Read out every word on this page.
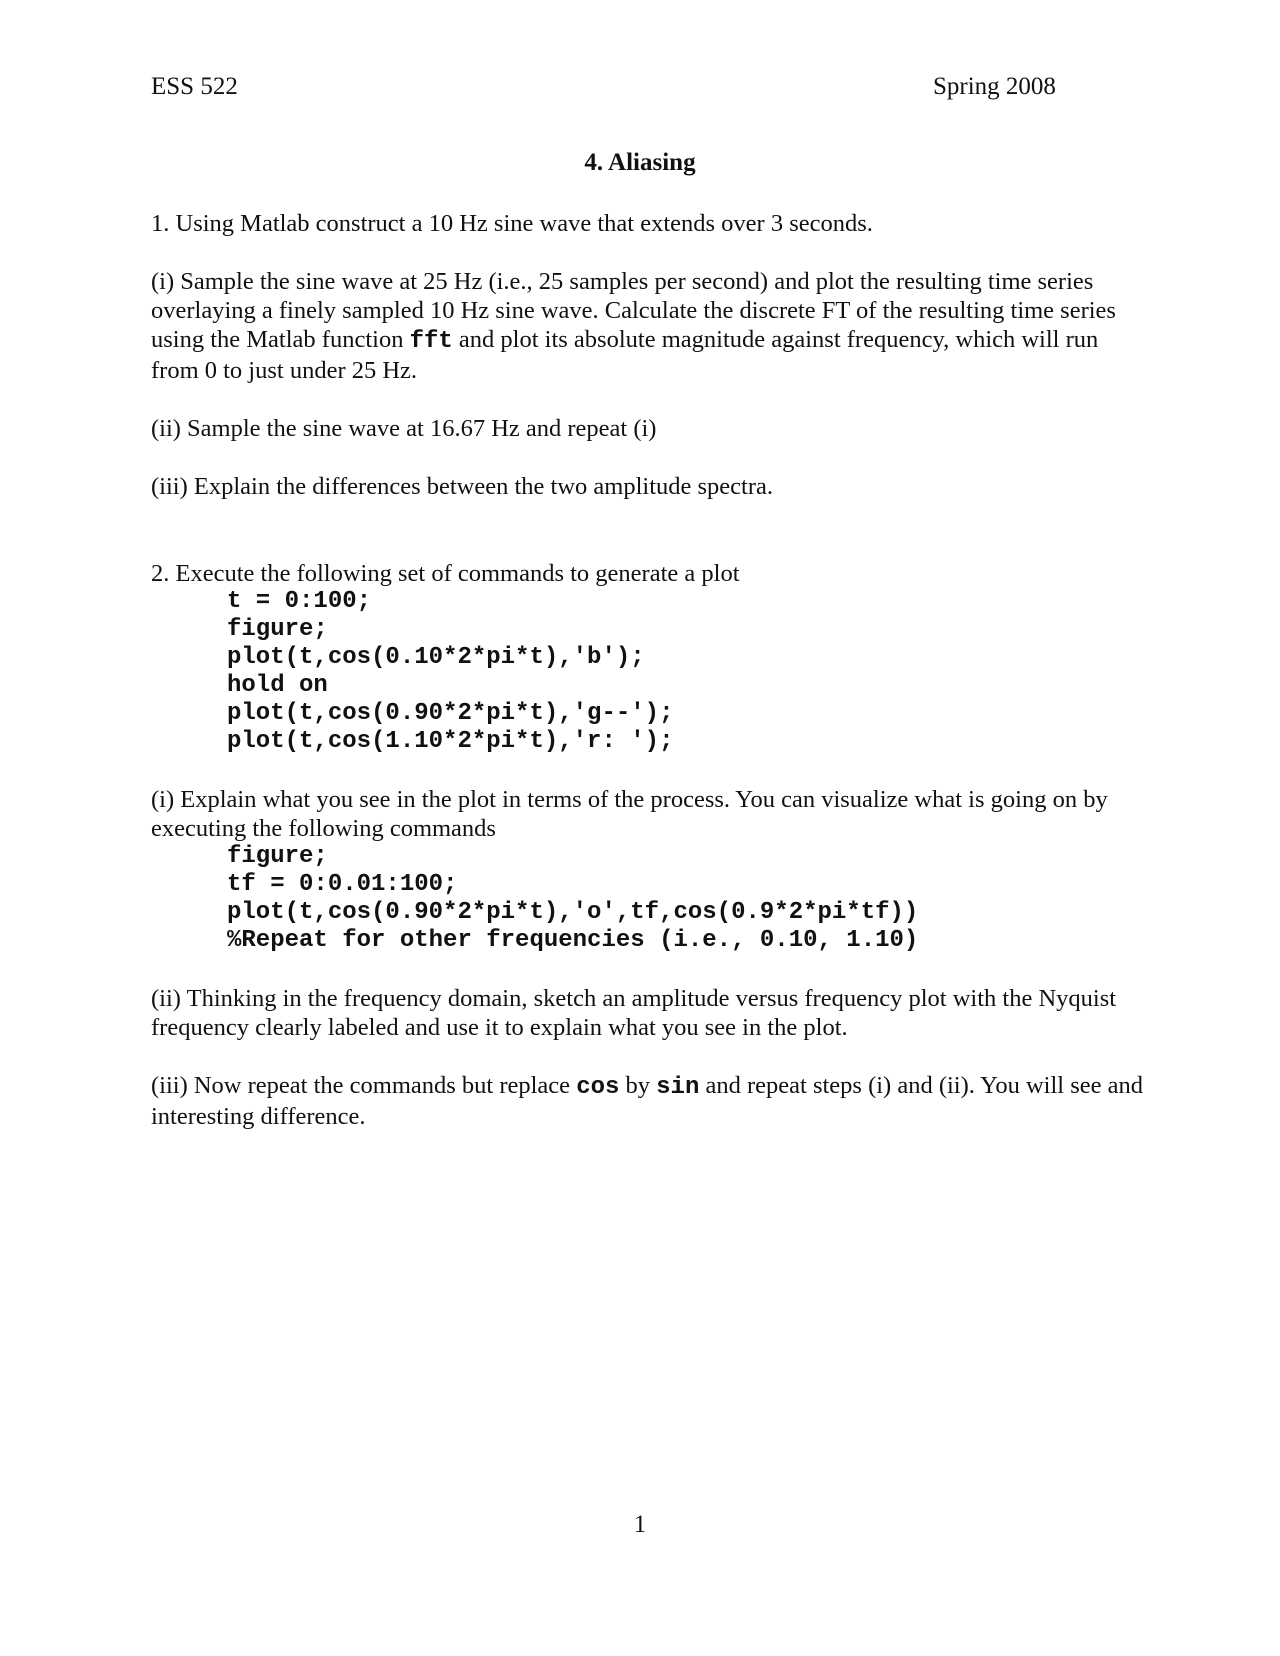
ESS 522	Spring 2008
4. Aliasing

1. Using Matlab construct a 10 Hz sine wave that extends over 3 seconds.

(i) Sample the sine wave at 25 Hz (i.e., 25 samples per second) and plot the resulting time series overlaying a finely sampled 10 Hz sine wave. Calculate the discrete FT of the resulting time series using the Matlab function fft and plot its absolute magnitude against frequency, which will run from 0 to just under 25 Hz.

(ii) Sample the sine wave at 16.67 Hz and repeat (i)

(iii) Explain the differences between the two amplitude spectra.

2. Execute the following set of commands to generate a plot

t = 0:100;
figure;
plot(t,cos(0.10*2*pi*t),'b');
hold on
plot(t,cos(0.90*2*pi*t),'g--');
plot(t,cos(1.10*2*pi*t),'r: ');

(i) Explain what you see in the plot in terms of the process. You can visualize what is going on by executing the following commands

figure;
tf = 0:0.01:100;
plot(t,cos(0.90*2*pi*t),'o',tf,cos(0.9*2*pi*tf))
%Repeat for other frequencies (i.e., 0.10, 1.10)

(ii) Thinking in the frequency domain, sketch an amplitude versus frequency plot with the Nyquist frequency clearly labeled and use it to explain what you see in the plot.

(iii) Now repeat the commands but replace cos by sin and repeat steps (i) and (ii). You will see and interesting difference.

1
